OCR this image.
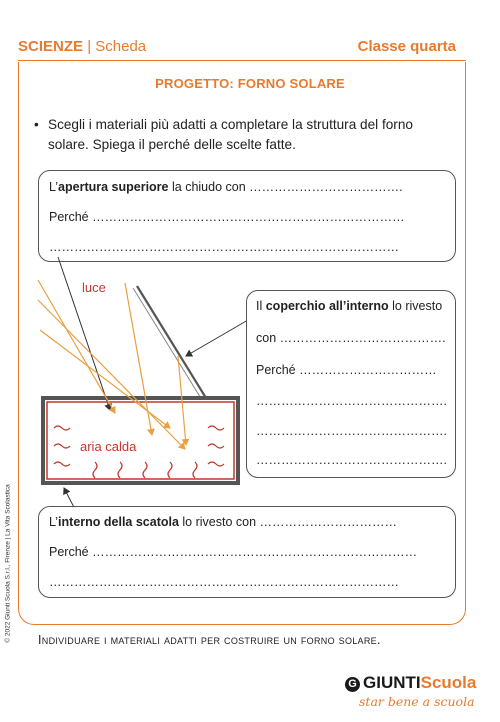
SCIENZE | Scheda	Classe quarta
PROGETTO: FORNO SOLARE
• Scegli i materiali più adatti a completare la struttura del forno solare. Spiega il perché delle scelte fatte.
L’apertura superiore la chiudo con ……………………………….
Perché …………………………………………………………………
…………………………………………………………………………
luce
aria calda
Il coperchio all’interno lo rivesto
con ………………………………….
Perché ……………………………
……………………………………….
……………………………………….
……………………………………….
L’interno della scatola lo rivesto con ……………………………
Perché ……………………………………………………………………
…………………………………………………………………………
Individuare i materiali adatti per costruire un forno solare.
© 2022 Giunti Scuola S.r.l., Firenze | La Vita Scolastica
G GIUNTIScuola
star bene a scuola
